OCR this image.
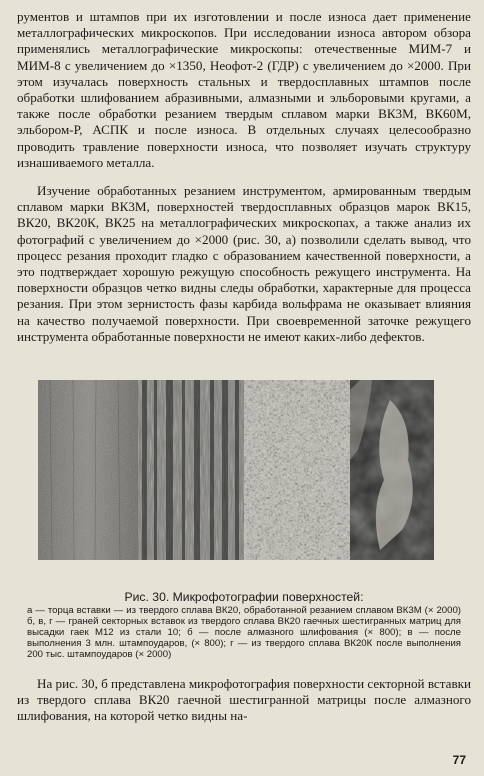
рументов и штампов при их изготовлении и после износа дает применение металлографических микроскопов. При исследовании износа автором обзора применялись металлографические микроскопы: отечественные МИМ-7 и МИМ-8 с увеличением до ×1350, Неофот-2 (ГДР) с увеличением до ×2000. При этом изучалась поверхность стальных и твердосплавных штампов после обработки шлифованием абразивными, алмазными и эльборовыми кругами, а также после обработки резанием твердым сплавом марки ВК3М, ВК60М, эльбором-Р, АСПК и после износа. В отдельных случаях целесообразно проводить травление поверхности износа, что позволяет изучать структуру изнашиваемого металла.

Изучение обработанных резанием инструментом, армированным твердым сплавом марки ВК3М, поверхностей твердосплавных образцов марок ВК15, ВК20, ВК20К, ВК25 на металлографических микроскопах, а также анализ их фотографий с увеличением до ×2000 (рис. 30, а) позволили сделать вывод, что процесс резания проходит гладко с образованием качественной поверхности, а это подтверждает хорошую режущую способность режущего инструмента. На поверхности образцов четко видны следы обработки, характерные для процесса резания. При этом зернистость фазы карбида вольфрама не оказывает влияния на качество получаемой поверхности. При своевременной заточке режущего инструмента обработанные поверхности не имеют каких-либо дефектов.

Рис. 30. Микрофотографии поверхностей:

а — торца вставки — из твердого сплава ВК20, обработанной резанием сплавом ВК3М (× 2000) б, в, г — граней секторных вставок из твердого сплава ВК20 гаечных шестигранных матриц для высадки гаек М12 из стали 10; б — после алмазного шлифования (× 800); в — после выполнения 3 млн. штампоударов, (× 800); г — из твердого сплава ВК20К после выполнения 200 тыс. штампоударов (× 2000)

На рис. 30, б представлена микрофотография поверхности секторной вставки из твердого сплава ВК20 гаечной шестигранной матрицы после алмазного шлифования, на которой четко видны на-

77
